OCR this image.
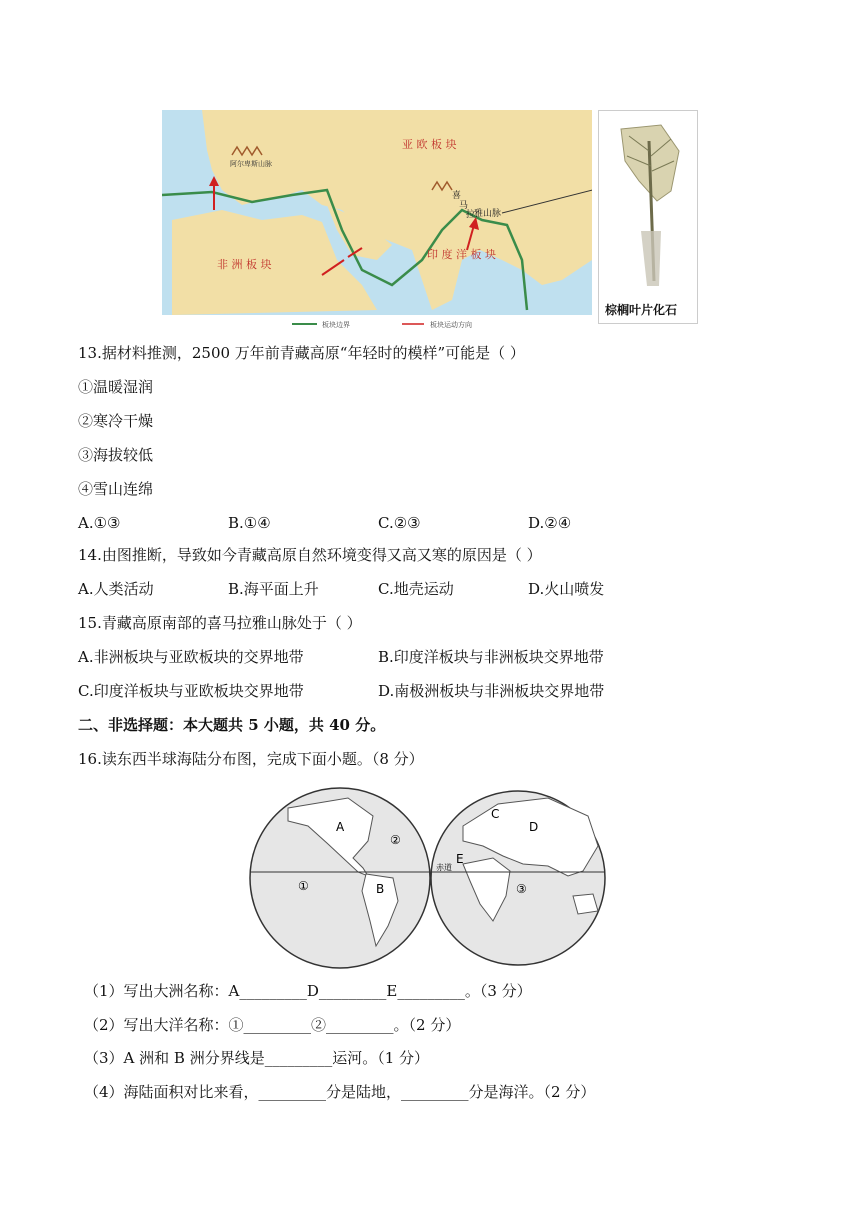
亚 欧 板 块
非 洲 板 块
印 度 洋 板 块
阿尔卑斯山脉
喜
马
拉
雅山脉
板块边界	板块运动方向
棕榈叶片化石
13.据材料推测，2500 万年前青藏高原“年轻时的模样”可能是（ ）
①温暖湿润
②寒冷干燥
③海拔较低
④雪山连绵
A.①③	B.①④	C.②③	D.②④
14.由图推断，导致如今青藏高原自然环境变得又高又寒的原因是（ ）
A.人类活动	B.海平面上升	C.地壳运动	D.火山喷发
15.青藏高原南部的喜马拉雅山脉处于（ ）
A.非洲板块与亚欧板块的交界地带	B.印度洋板块与非洲板块交界地带
C.印度洋板块与亚欧板块交界地带	D.南极洲板块与非洲板块交界地带
二、非选择题：本大题共 5 小题，共 40 分。
16.读东西半球海陆分布图，完成下面小题。（8 分）
A
B
①
②
C
D
E
③
赤道
（1）写出大洲名称：A_________D_________E_________。（3 分）
（2）写出大洋名称：①_________②_________。（2 分）
（3）A 洲和 B 洲分界线是_________运河。（1 分）
（4）海陆面积对比来看，_________分是陆地，_________分是海洋。（2 分）
